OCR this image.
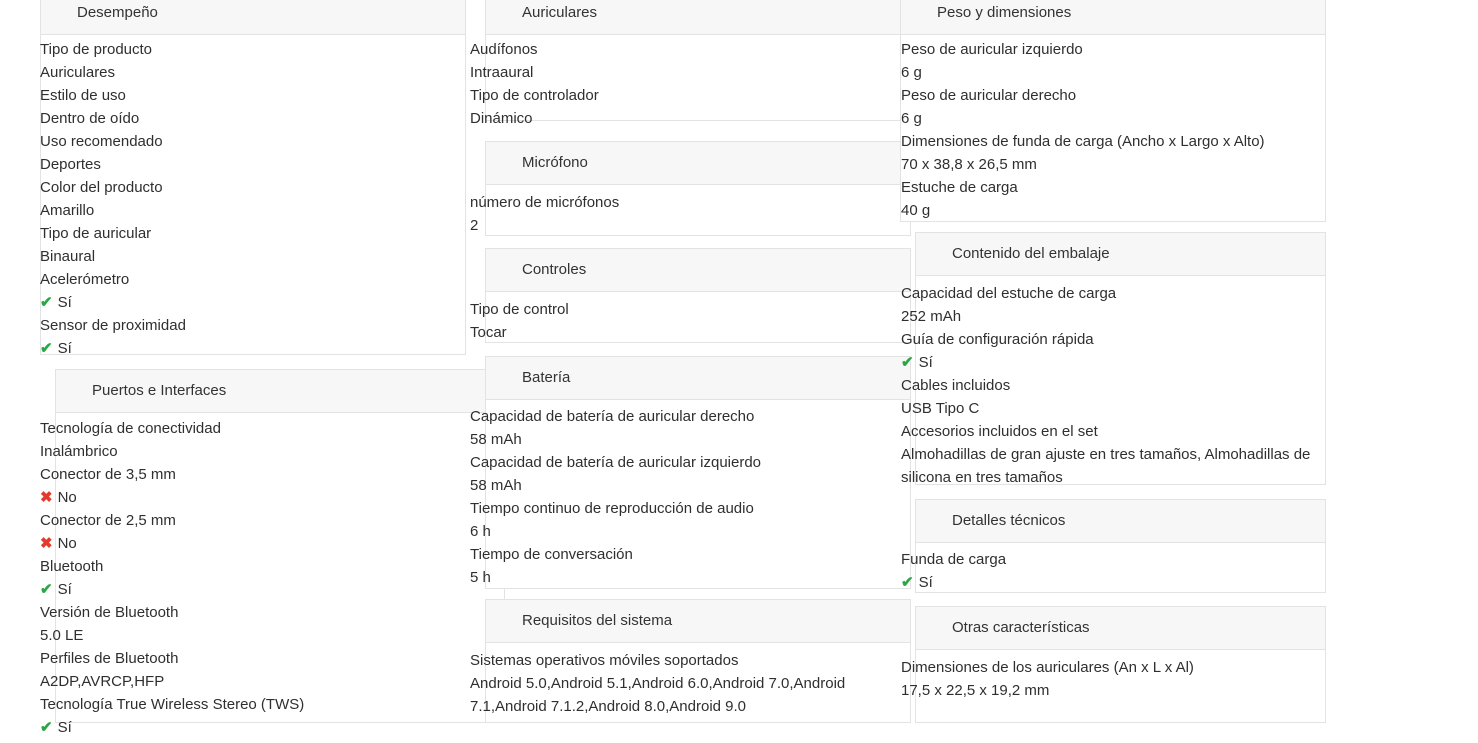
Desempeño
Tipo de producto
Auriculares
Estilo de uso
Dentro de oído
Uso recomendado
Deportes
Color del producto
Amarillo
Tipo de auricular
Binaural
Acelerómetro
✔ Sí
Sensor de proximidad
✔ Sí
Puertos e Interfaces
Tecnología de conectividad
Inalámbrico
Conector de 3,5 mm
✖ No
Conector de 2,5 mm
✖ No
Bluetooth
✔ Sí
Versión de Bluetooth
5.0 LE
Perfiles de Bluetooth
A2DP,AVRCP,HFP
Tecnología True Wireless Stereo (TWS)
✔ Sí
Auriculares
Audífonos
Intraaural
Tipo de controlador
Dinámico
Micrófono
número de micrófonos
2
Controles
Tipo de control
Tocar
Batería
Capacidad de batería de auricular derecho
58 mAh
Capacidad de batería de auricular izquierdo
58 mAh
Tiempo continuo de reproducción de audio
6 h
Tiempo de conversación
5 h
Requisitos del sistema
Sistemas operativos móviles soportados
Android 5.0,Android 5.1,Android 6.0,Android 7.0,Android 7.1,Android 7.1.2,Android 8.0,Android 9.0
Peso y dimensiones
Peso de auricular izquierdo
6 g
Peso de auricular derecho
6 g
Dimensiones de funda de carga (Ancho x Largo x Alto)
70 x 38,8 x 26,5 mm
Estuche de carga
40 g
Contenido del embalaje
Capacidad del estuche de carga
252 mAh
Guía de configuración rápida
✔ Sí
Cables incluidos
USB Tipo C
Accesorios incluidos en el set
Almohadillas de gran ajuste en tres tamaños, Almohadillas de silicona en tres tamaños
Detalles técnicos
Funda de carga
✔ Sí
Otras características
Dimensiones de los auriculares (An x L x Al)
17,5 x 22,5 x 19,2 mm
